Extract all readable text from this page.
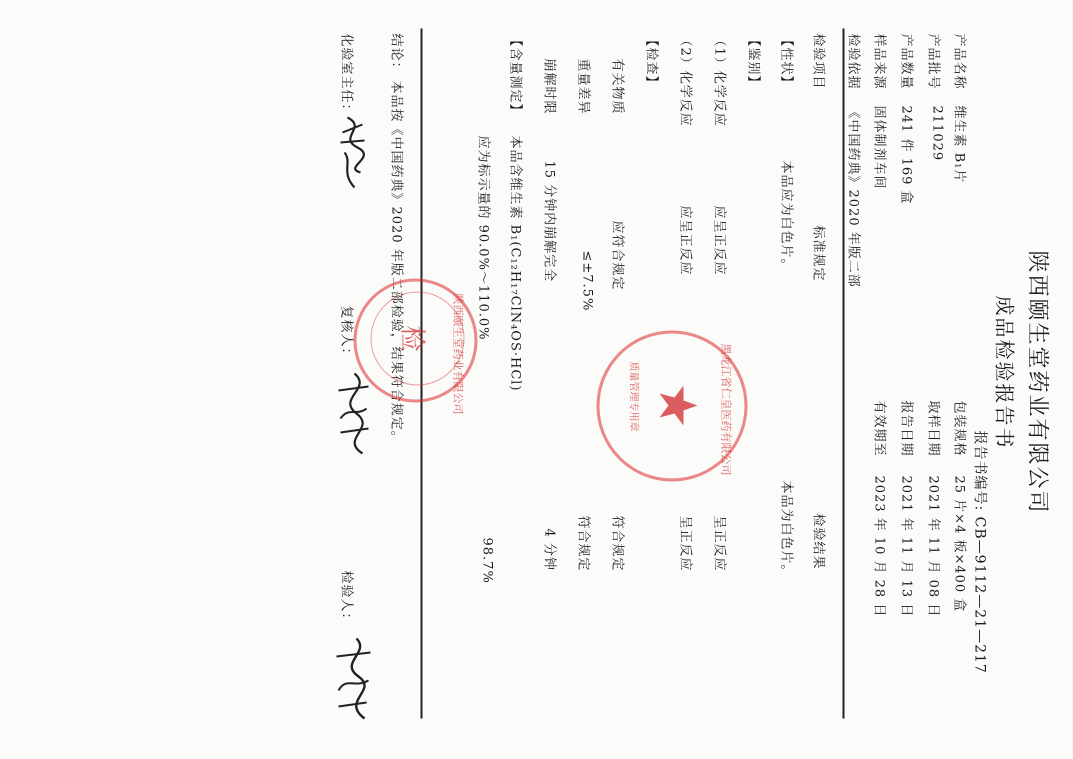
陕西颐生堂药业有限公司
成品检验报告书
报告书编号: CB—9112—21—217
产品名称
维生素 B₁片
产品批号
211029
产品数量
241 件 169 盒
样品来源
固体制剂车间
检验依据
《中国药典》2020 年版二部
包装规格
25 片×4 板×400 盒
取样日期
2021 年 11 月 08 日
报告日期
2021 年 11 月 13 日
有效期至
2023 年 10 月 28 日
检验项目
标准规定
检验结果
【性状】
本品应为白色片。
本品为白色片。
【鉴别】
（1）化学反应
应呈正反应
呈正反应
（2）化学反应
应呈正反应
呈正反应
【检查】
有关物质
应符合规定
符合规定
重量差异
≤±7.5%
符合规定
崩解时限
15 分钟内崩解完全
4 分钟
【含量测定】
本品含维生素 B₁(C₁₂H₁₇ClN₄OS·HCl)
应为标示量的 90.0%～110.0%
98.7%
结论：
本品按《中国药典》2020 年版二部检验，结果符合规定。
化验室主任：
复核人：
检验人：
陕西颐生堂药业有限公司
检
黑龙江省仁皇医药有限公司
质量管理专用章
